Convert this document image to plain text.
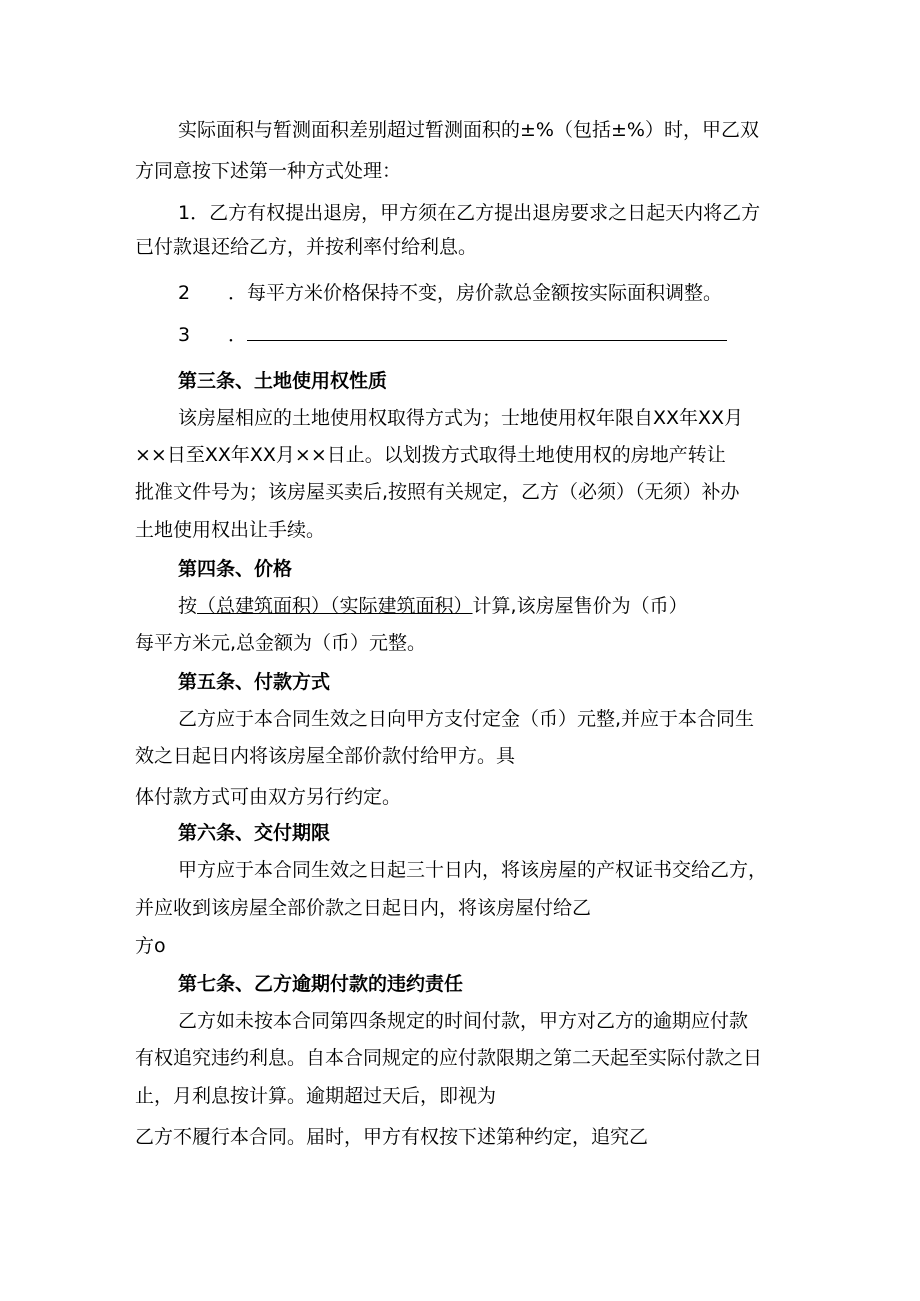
实际面积与暂测面积差别超过暂测面积的±%（包括±%）时，甲乙双
方同意按下述第一种方式处理：
1．乙方有权提出退房，甲方须在乙方提出退房要求之日起天内将乙方
已付款退还给乙方，并按利率付给利息。
2 ．每平方米价格保持不变，房价款总金额按实际面积调整。
3 ．
第三条、土地使用权性质
该房屋相应的土地使用权取得方式为；士地使用权年限自XX年XX月
××日至XX年XX月××日止。以划拨方式取得土地使用权的房地产转让
批准文件号为；该房屋买卖后,按照有关规定，乙方（必须）（无须）补办
土地使用权出让手续。
第四条、价格
按（总建筑面积）（实际建筑面积）计算,该房屋售价为（币）
每平方米元,总金额为（币）元整。
第五条、付款方式
乙方应于本合同生效之日向甲方支付定金（币）元整,并应于本合同生
效之日起日内将该房屋全部价款付给甲方。具
体付款方式可由双方另行约定。
第六条、交付期限
甲方应于本合同生效之日起三十日内，将该房屋的产权证书交给乙方，
并应收到该房屋全部价款之日起日内，将该房屋付给乙
方o
第七条、乙方逾期付款的违约责任
乙方如未按本合同第四条规定的时间付款，甲方对乙方的逾期应付款
有权追究违约利息。自本合同规定的应付款限期之第二天起至实际付款之日
止，月利息按计算。逾期超过天后，即视为
乙方不履行本合同。届时，甲方有权按下述第种约定，追究乙
